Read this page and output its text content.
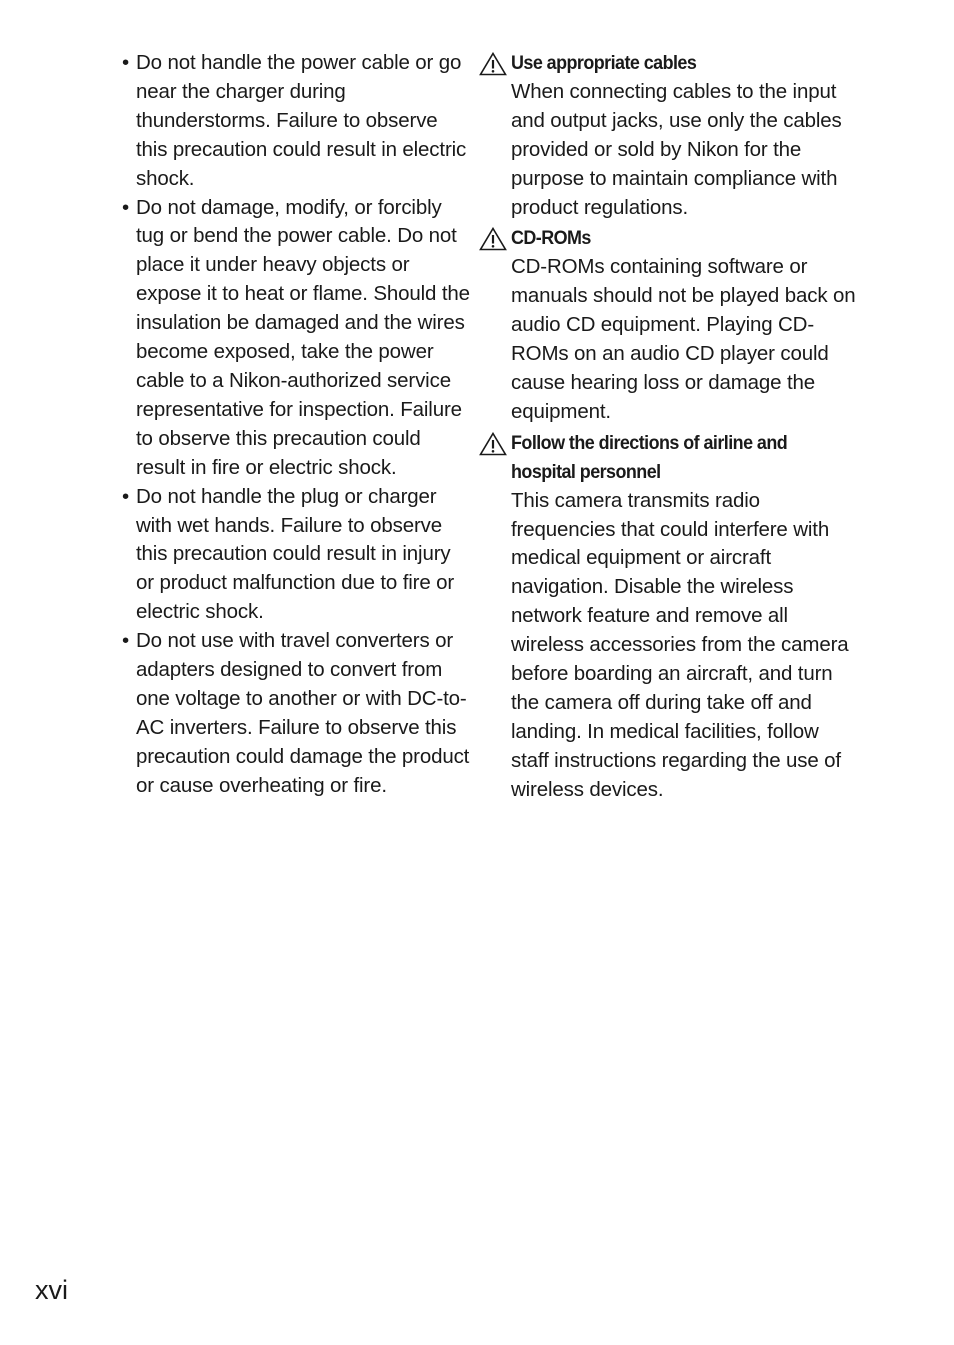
• Do not handle the power cable or go near the charger during thunderstorms. Failure to observe this precaution could result in electric shock.
• Do not damage, modify, or forcibly tug or bend the power cable. Do not place it under heavy objects or expose it to heat or flame. Should the insulation be damaged and the wires become exposed, take the power cable to a Nikon-authorized service representative for inspection. Failure to observe this precaution could result in fire or electric shock.
• Do not handle the plug or charger with wet hands. Failure to observe this precaution could result in injury or product malfunction due to fire or electric shock.
• Do not use with travel converters or adapters designed to convert from one voltage to another or with DC-to-AC inverters. Failure to observe this precaution could damage the product or cause overheating or fire.
Use appropriate cables
When connecting cables to the input and output jacks, use only the cables provided or sold by Nikon for the purpose to maintain compliance with product regulations.
CD-ROMs
CD-ROMs containing software or manuals should not be played back on audio CD equipment. Playing CD-ROMs on an audio CD player could cause hearing loss or damage the equipment.
Follow the directions of airline and
hospital personnel
This camera transmits radio frequencies that could interfere with medical equipment or aircraft navigation. Disable the wireless network feature and remove all wireless accessories from the camera before boarding an aircraft, and turn the camera off during take off and landing. In medical facilities, follow staff instructions regarding the use of wireless devices.
xvi
